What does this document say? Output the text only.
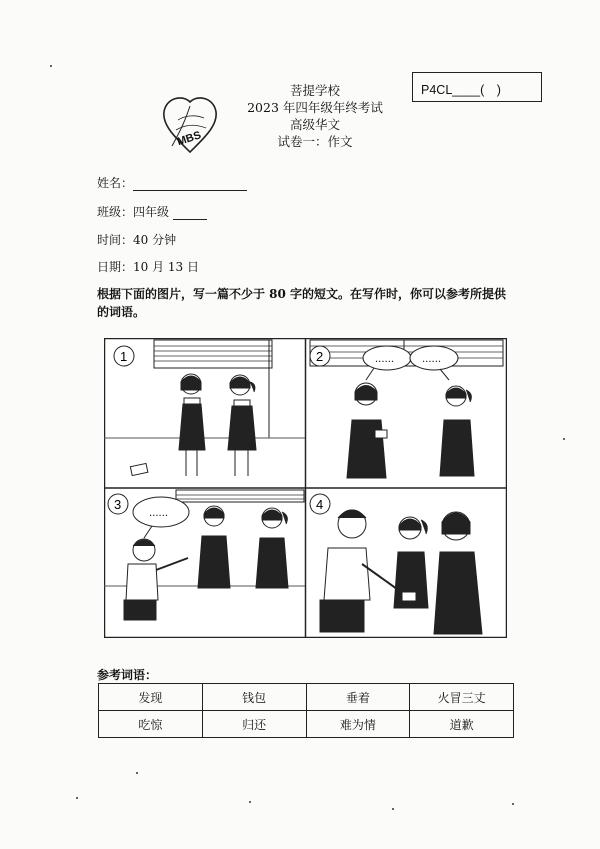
MBS
菩提学校
2023 年四年级年终考试
高级华文
试卷一：作文
P4CL____(　)
姓名：
班级：四年级
时间：40 分钟
日期：10 月 13 日
根据下面的图片，写一篇不少于 80 字的短文。在写作时，你可以参考所提供的词语。
1	2	......	......
3
......
4
参考词语：
发现	钱包	垂着	火冒三丈
吃惊	归还	难为情	道歉
